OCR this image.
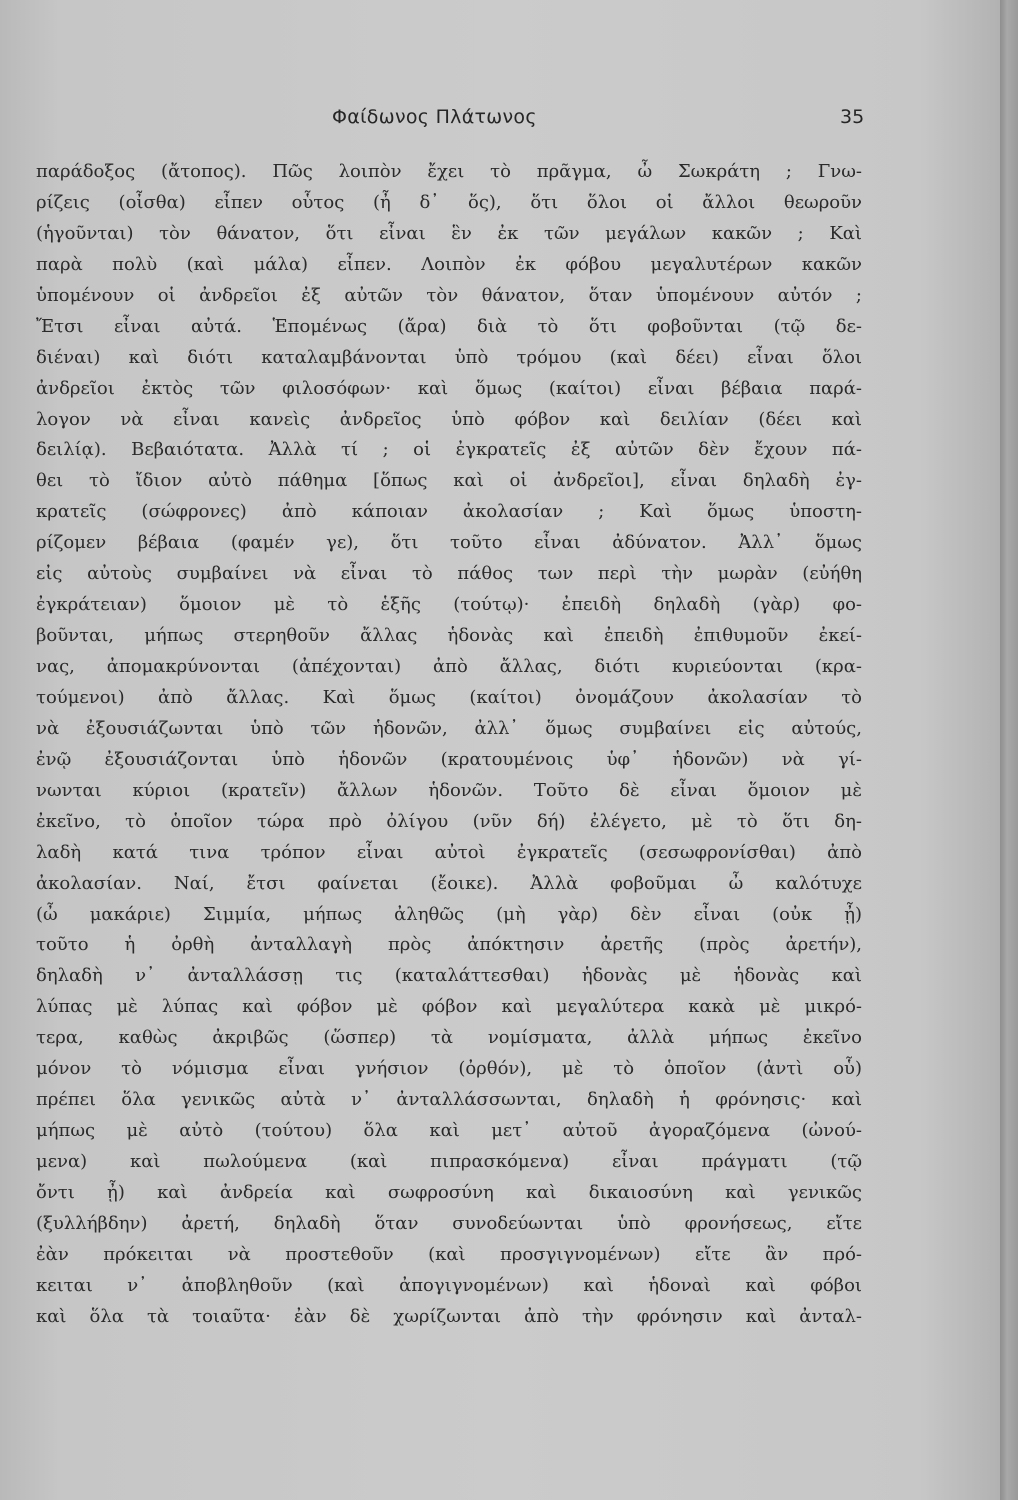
Φαίδωνος Πλάτωνος	35
παράδοξος (ἄτοπος). Πῶς λοιπὸν ἔχει τὸ πρᾶγμα, ὦ Σωκράτη ; Γνω-
ρίζεις (οἶσθα) εἶπεν οὗτος (ἦ δ᾽ ὅς), ὅτι ὅλοι οἱ ἄλλοι θεωροῦν
(ἡγοῦνται) τὸν θάνατον, ὅτι εἶναι ἓν ἐκ τῶν μεγάλων κακῶν ; Καὶ
παρὰ πολὺ (καὶ μάλα) εἶπεν. Λοιπὸν ἐκ φόβου μεγαλυτέρων κακῶν
ὑπομένουν οἱ ἀνδρεῖοι ἐξ αὐτῶν τὸν θάνατον, ὅταν ὑπομένουν αὐτόν ;
Ἔτσι εἶναι αὐτά. Ἑπομένως (ἄρα) διὰ τὸ ὅτι φοβοῦνται (τῷ δε-
διέναι) καὶ διότι καταλαμβάνονται ὑπὸ τρόμου (καὶ δέει) εἶναι ὅλοι
ἀνδρεῖοι ἐκτὸς τῶν φιλοσόφων· καὶ ὅμως (καίτοι) εἶναι βέβαια παρά-
λογον νὰ εἶναι κανεὶς ἀνδρεῖος ὑπὸ φόβον καὶ δειλίαν (δέει καὶ
δειλίᾳ). Βεβαιότατα. Ἀλλὰ τί ; οἱ ἐγκρατεῖς ἐξ αὐτῶν δὲν ἔχουν πά-
θει τὸ ἴδιον αὐτὸ πάθημα [ὅπως καὶ οἱ ἀνδρεῖοι], εἶναι δηλαδὴ ἐγ-
κρατεῖς (σώφρονες) ἀπὸ κάποιαν ἀκολασίαν ; Καὶ ὅμως ὑποστη-
ρίζομεν βέβαια (φαμέν γε), ὅτι τοῦτο εἶναι ἀδύνατον. Ἀλλ᾽ ὅμως
εἰς αὐτοὺς συμβαίνει νὰ εἶναι τὸ πάθος των περὶ τὴν μωρὰν (εὐήθη
ἐγκράτειαν) ὅμοιον μὲ τὸ ἑξῆς (τούτῳ)· ἐπειδὴ δηλαδὴ (γὰρ) φο-
βοῦνται, μήπως στερηθοῦν ἄλλας ἡδονὰς καὶ ἐπειδὴ ἐπιθυμοῦν ἐκεί-
νας, ἀπομακρύνονται (ἀπέχονται) ἀπὸ ἄλλας, διότι κυριεύονται (κρα-
τούμενοι) ἀπὸ ἄλλας. Καὶ ὅμως (καίτοι) ὀνομάζουν ἀκολασίαν τὸ
νὰ ἐξουσιάζωνται ὑπὸ τῶν ἡδονῶν, ἀλλ᾽ ὅμως συμβαίνει εἰς αὐτούς,
ἐνῷ ἐξουσιάζονται ὑπὸ ἡδονῶν (κρατουμένοις ὑφ᾽ ἡδονῶν) νὰ γί-
νωνται κύριοι (κρατεῖν) ἄλλων ἡδονῶν. Τοῦτο δὲ εἶναι ὅμοιον μὲ
ἐκεῖνο, τὸ ὁποῖον τώρα πρὸ ὀλίγου (νῦν δή) ἐλέγετο, μὲ τὸ ὅτι δη-
λαδὴ κατά τινα τρόπον εἶναι αὐτοὶ ἐγκρατεῖς (σεσωφρονίσθαι) ἀπὸ
ἀκολασίαν. Ναί, ἔτσι φαίνεται (ἔοικε). Ἀλλὰ φοβοῦμαι ὦ καλότυχε
(ὦ μακάριε) Σιμμία, μήπως ἀληθῶς (μὴ γὰρ) δὲν εἶναι (οὐκ ᾖ)
τοῦτο ἡ ὀρθὴ ἀνταλλαγὴ πρὸς ἀπόκτησιν ἀρετῆς (πρὸς ἀρετήν),
δηλαδὴ ν᾽ ἀνταλλάσσῃ τις (καταλάττεσθαι) ἡδονὰς μὲ ἡδονὰς καὶ
λύπας μὲ λύπας καὶ φόβον μὲ φόβον καὶ μεγαλύτερα κακὰ μὲ μικρό-
τερα, καθὼς ἀκριβῶς (ὥσπερ) τὰ νομίσματα, ἀλλὰ μήπως ἐκεῖνο
μόνον τὸ νόμισμα εἶναι γνήσιον (ὀρθόν), μὲ τὸ ὁποῖον (ἀντὶ οὗ)
πρέπει ὅλα γενικῶς αὐτὰ ν᾽ ἀνταλλάσσωνται, δηλαδὴ ἡ φρόνησις· καὶ
μήπως μὲ αὐτὸ (τούτου) ὅλα καὶ μετ᾽ αὐτοῦ ἀγοραζόμενα (ὠνού-
μενα) καὶ πωλούμενα (καὶ πιπρασκόμενα) εἶναι πράγματι (τῷ
ὄντι ᾖ) καὶ ἀνδρεία καὶ σωφροσύνη καὶ δικαιοσύνη καὶ γενικῶς
(ξυλλήβδην) ἀρετή, δηλαδὴ ὅταν συνοδεύωνται ὑπὸ φρονήσεως, εἴτε
ἐὰν πρόκειται νὰ προστεθοῦν (καὶ προσγιγνομένων) εἴτε ἂν πρό-
κειται ν᾽ ἀποβληθοῦν (καὶ ἀπογιγνομένων) καὶ ἡδοναὶ καὶ φόβοι
καὶ ὅλα τὰ τοιαῦτα· ἐὰν δὲ χωρίζωνται ἀπὸ τὴν φρόνησιν καὶ ἀνταλ-
